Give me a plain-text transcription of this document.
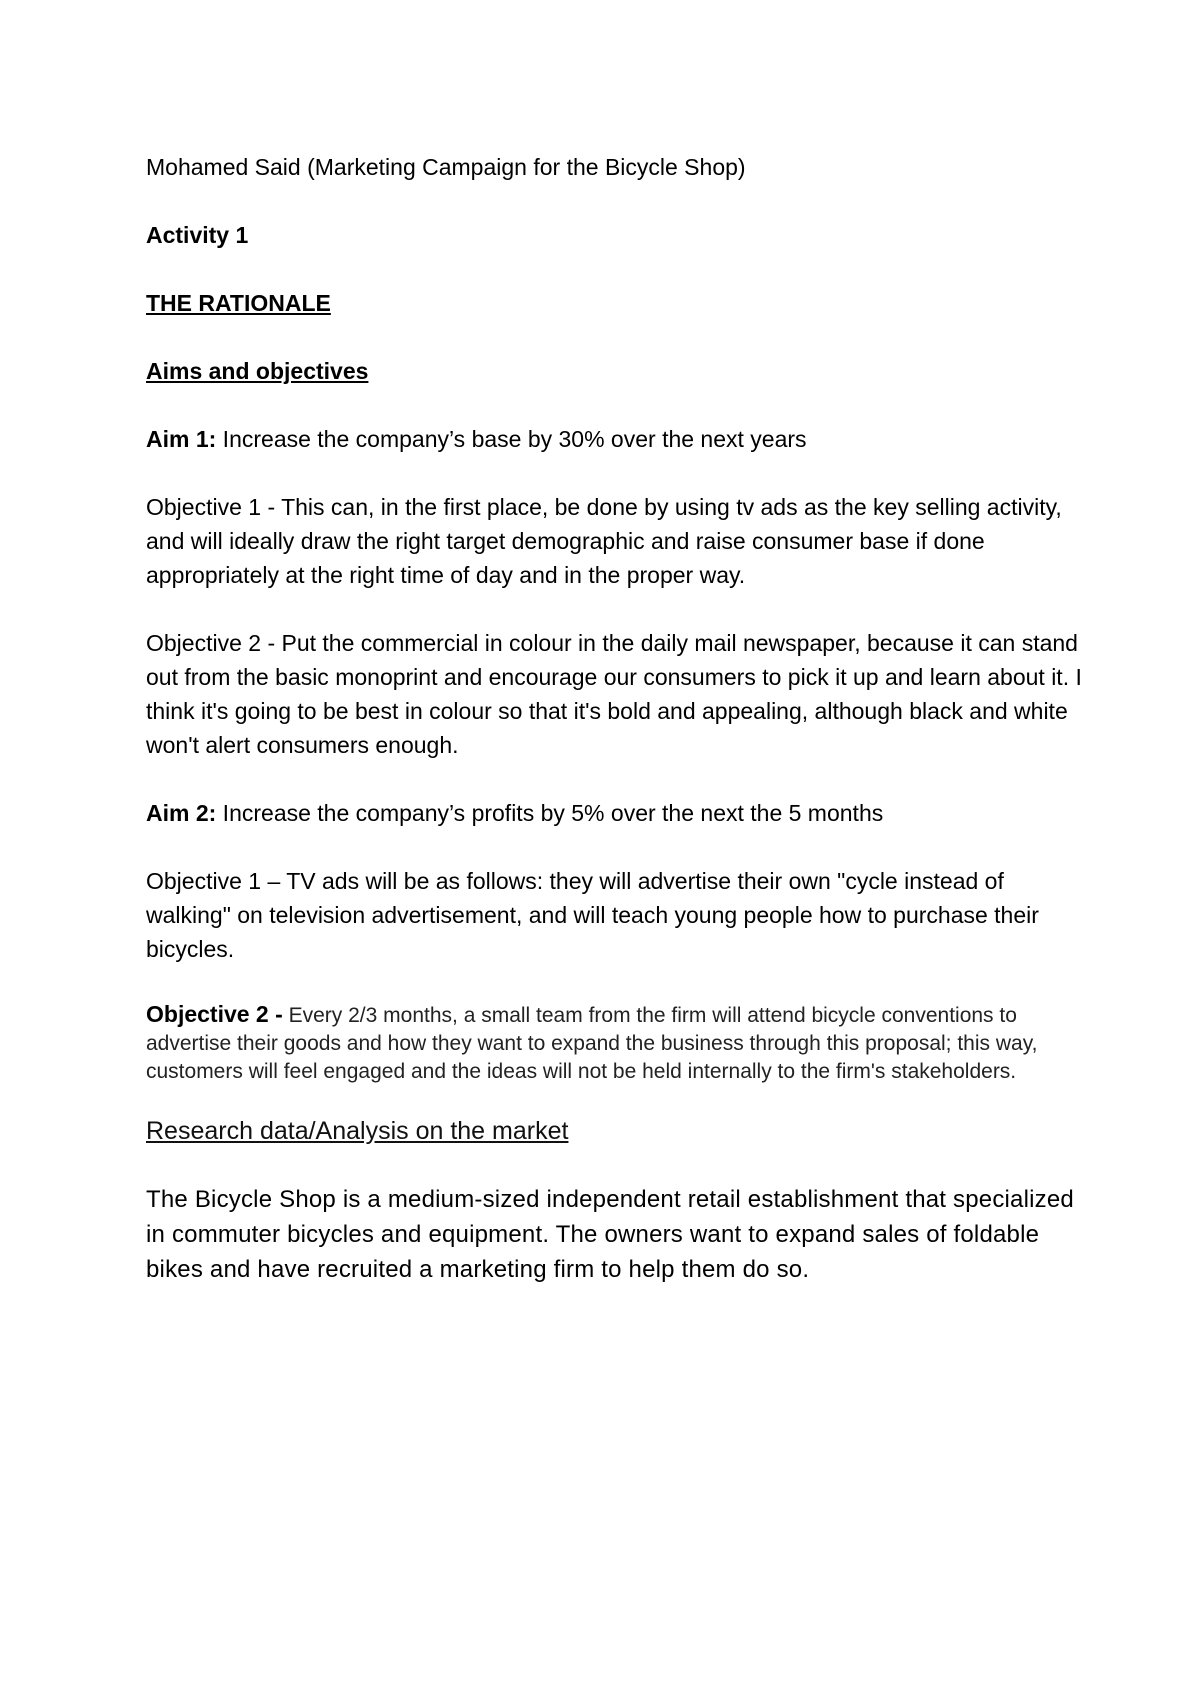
Mohamed Said (Marketing Campaign for the Bicycle Shop)

Activity 1

THE RATIONALE

Aims and objectives

Aim 1: Increase the company’s base by 30% over the next years

Objective 1 - This can, in the first place, be done by using tv ads as the key selling activity, and will ideally draw the right target demographic and raise consumer base if done appropriately at the right time of day and in the proper way.

Objective 2 - Put the commercial in colour in the daily mail newspaper, because it can stand out from the basic monoprint and encourage our consumers to pick it up and learn about it. I think it's going to be best in colour so that it's bold and appealing, although black and white won't alert consumers enough.

Aim 2: Increase the company’s profits by 5% over the next the 5 months

Objective 1 – TV ads will be as follows: they will advertise their own "cycle instead of walking" on television advertisement, and will teach young people how to purchase their bicycles.

Objective 2 - Every 2/3 months, a small team from the firm will attend bicycle conventions to advertise their goods and how they want to expand the business through this proposal; this way, customers will feel engaged and the ideas will not be held internally to the firm's stakeholders.

Research data/Analysis on the market

The Bicycle Shop is a medium-sized independent retail establishment that specialized in commuter bicycles and equipment. The owners want to expand sales of foldable bikes and have recruited a marketing firm to help them do so.
